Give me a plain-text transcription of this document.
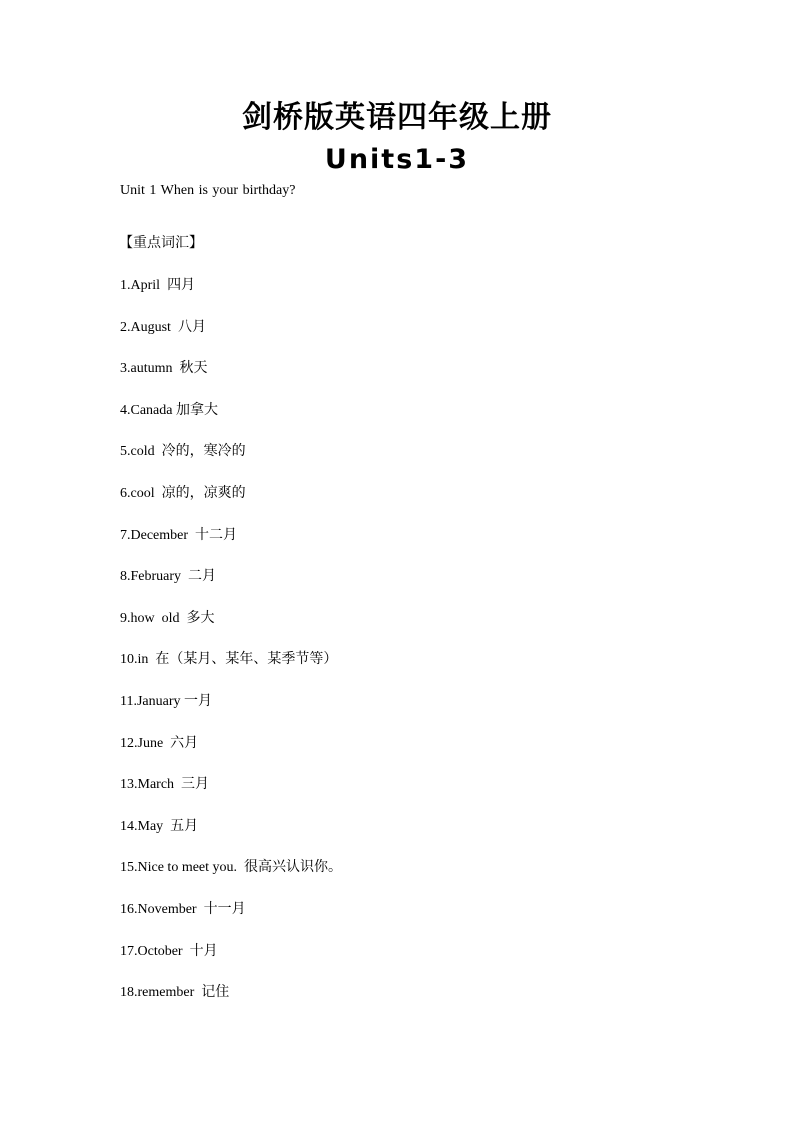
剑桥版英语四年级上册
Units1-3
Unit 1 When is your birthday?
【重点词汇】
1.April  四月
2.August  八月
3.autumn  秋天
4.Canada 加拿大
5.cold  冷的，寒冷的
6.cool  凉的，凉爽的
7.December  十二月
8.February  二月
9.how  old  多大
10.in  在（某月、某年、某季节等）
11.January 一月
12.June  六月
13.March  三月
14.May  五月
15.Nice to meet you.  很高兴认识你。
16.November  十一月
17.October  十月
18.remember  记住
